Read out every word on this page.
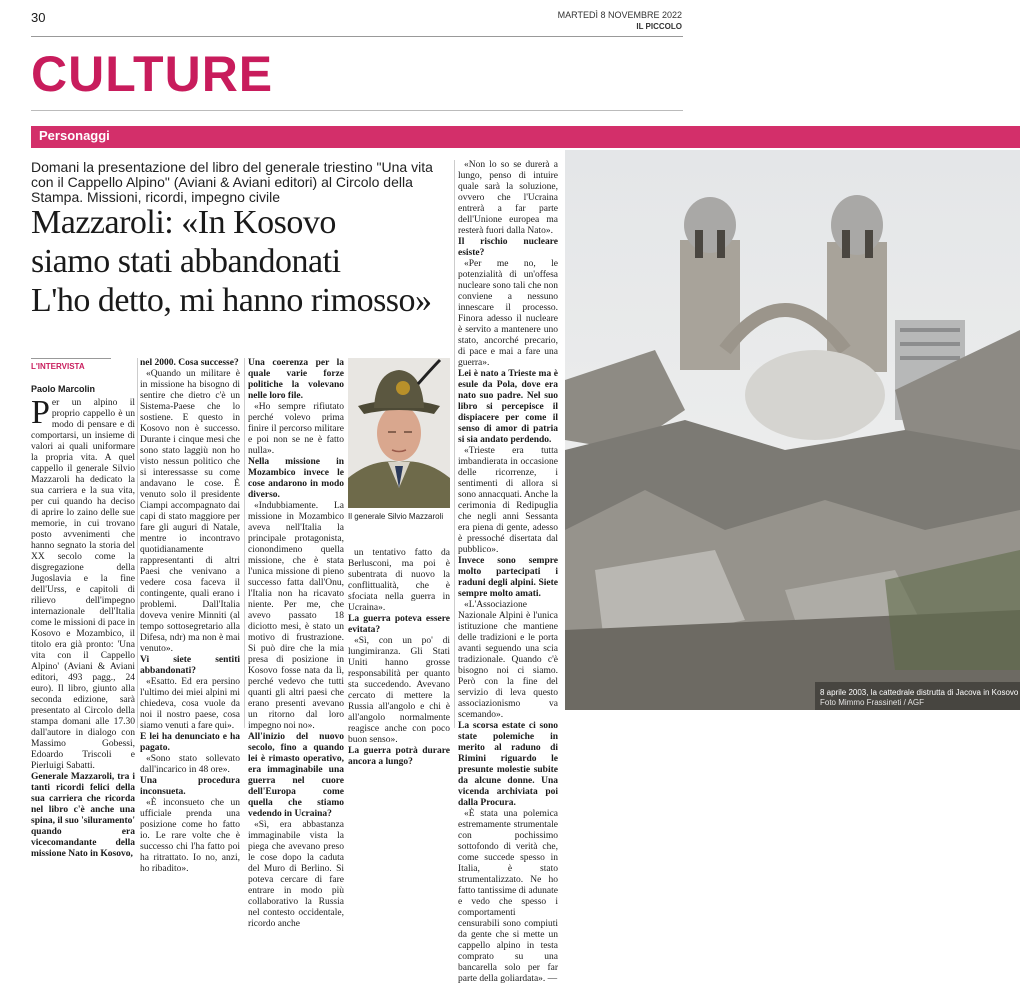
30	MARTEDÌ 8 NOVEMBRE 2022
IL PICCOLO
CULTURE
Personaggi
Domani la presentazione del libro del generale triestino "Una vita con il Cappello Alpino" (Aviani & Aviani editori) al Circolo della Stampa. Missioni, ricordi, impegno civile
Mazzaroli: «In Kosovo
siamo stati abbandonati
L'ho detto, mi hanno rimosso»
L'INTERVISTA
Paolo Marcolin

Per un alpino il proprio cappello è un modo di pensare e di comportarsi, un insieme di valori ai quali uniformare la propria vita. A quel cappello il generale Silvio Mazzaroli ha dedicato la sua carriera e la sua vita, per cui quando ha deciso di aprire lo zaino delle sue memorie, in cui trovano posto avvenimenti che hanno segnato la storia del XX secolo come la disgregazione della Jugoslavia e la fine dell'Urss, e capitoli di rilievo dell'impegno internazionale dell'Italia come le missioni di pace in Kosovo e Mozambico, il titolo era già pronto: 'Una vita con il Cappello Alpino' (Aviani & Aviani editori, 493 pagg., 24 euro). Il libro, giunto alla seconda edizione, sarà presentato al Circolo della stampa domani alle 17.30 dall'autore in dialogo con Massimo Gobessi, Edoardo Triscoli e Pierluigi Sabatti.

Generale Mazzaroli, tra i tanti ricordi felici della sua carriera che ricorda nel libro c'è anche una spina, il suo 'siluramento' quando era vicecomandante della missione Nato in Kosovo,

nel 2000. Cosa successe?

«Quando un militare è in missione ha bisogno di sentire che dietro c'è un Sistema-Paese che lo sostiene. E questo in Kosovo non è successo. Durante i cinque mesi che sono stato laggiù non ho visto nessun politico che si interessasse su come andavano le cose. È venuto solo il presidente Ciampi accompagnato dai capi di stato maggiore per fare gli auguri di Natale, mentre io incontravo quotidianamente rappresentanti di altri Paesi che venivano a vedere cosa faceva il contingente, quali erano i problemi. Dall'Italia doveva venire Minniti (al tempo sottosegretario alla Difesa, ndr) ma non è mai venuto».

Vi siete sentiti abbandonati?

«Esatto. Ed era persino l'ultimo dei miei alpini mi chiedeva, cosa vuole da noi il nostro paese, cosa siamo venuti a fare qui».

E lei ha denunciato e ha pagato.

«Sono stato sollevato dall'incarico in 48 ore».

Una procedura inconsueta.

«È inconsueto che un ufficiale prenda una posizione come ho fatto io. Le rare volte che è successo chi l'ha fatto poi ha ritrattato. Io no, anzi, ho ribadito».

Una coerenza per la quale varie forze politiche la volevano nelle loro file.

«Ho sempre rifiutato perché volevo prima finire il percorso militare e poi non se ne è fatto nulla».

Nella missione in Mozambico invece le cose andarono in modo diverso.

«Indubbiamente. La missione in Mozambico aveva nell'Italia la principale protagonista, cionondimeno quella missione, che è stata l'unica missione di pieno successo fatta dall'Onu, l'Italia non ha ricavato niente. Per me, che avevo passato 18 diciotto mesi, è stato un motivo di frustrazione. Si può dire che la mia presa di posizione in Kosovo fosse nata da lì, perché vedevo che tutti quanti gli altri paesi che erano presenti avevano un ritorno dal loro impegno noi no».

All'inizio del nuovo secolo, fino a quando lei è rimasto operativo, era immaginabile una guerra nel cuore dell'Europa come quella che stiamo vedendo in Ucraina?

«Sì, era abbastanza immaginabile vista la piega che avevano preso le cose dopo la caduta del Muro di Berlino. Si poteva cercare di fare entrare in modo più collaborativo la Russia nel contesto occidentale, ricordo anche

Il generale Silvio Mazzaroli

un tentativo fatto da Berlusconi, ma poi è subentrata di nuovo la conflittualità, che è sfociata nella guerra in Ucraina».

La guerra poteva essere evitata?

«Sì, con un po' di lungimiranza. Gli Stati Uniti hanno grosse responsabilità per quanto sta succedendo. Avevano cercato di mettere la Russia all'angolo e chi è all'angolo normalmente reagisce anche con poco buon senso».

La guerra potrà durare ancora a lungo?

«Non lo so se durerà a lungo, penso di intuire quale sarà la soluzione, ovvero che l'Ucraina entrerà a far parte dell'Unione europea ma resterà fuori dalla Nato».

Il rischio nucleare esiste?

«Per me no, le potenzialità di un'offesa nucleare sono tali che non conviene a nessuno innescare il processo. Finora adesso il nucleare è servito a mantenere uno stato, ancorché precario, di pace e mai a fare una guerra».

Lei è nato a Trieste ma è esule da Pola, dove era nato suo padre. Nel suo libro si percepisce il dispiacere per come il senso di amor di patria si sia andato perdendo.

«Trieste era tutta imbandierata in occasione delle ricorrenze, i sentimenti di allora si sono annacquati. Anche la cerimonia di Redipuglia che negli anni Sessanta era piena di gente, adesso è pressoché disertata dal pubblico».

Invece sono sempre molto partecipati i raduni degli alpini. Siete sempre molto amati.

«L'Associazione Nazionale Alpini è l'unica istituzione che mantiene delle tradizioni e le porta avanti seguendo una scia tradizionale. Quando c'è bisogno noi ci siamo. Però con la fine del servizio di leva questo associazionismo va scemando».

La scorsa estate ci sono state polemiche in merito al raduno di Rimini riguardo le presunte molestie subite da alcune donne. Una vicenda archiviata poi dalla Procura.

«È stata una polemica estremamente strumentale con pochissimo sottofondo di verità che, come succede spesso in Italia, è stato strumentalizzato. Ne ho fatto tantissime di adunate e vedo che spesso i comportamenti censurabili sono compiuti da gente che si mette un cappello alpino in testa comprato su una bancarella solo per far parte della goliardata». —

8 aprile 2003, la cattedrale distrutta di Jacova in Kosovo
Foto Mimmo Frassineti / AGF
